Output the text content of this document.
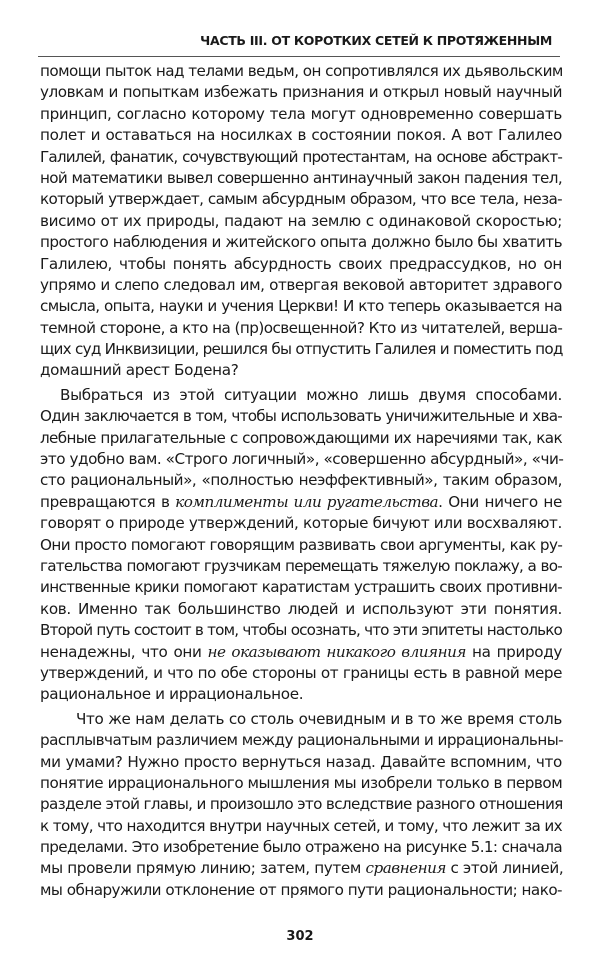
ЧАСТЬ III. ОТ КОРОТКИХ СЕТЕЙ К ПРОТЯЖЕННЫМ
помощи пыток над телами ведьм, он сопротивлялся их дьявольским
уловкам и попыткам избежать признания и открыл новый научный
принцип, согласно которому тела могут одновременно совершать
полет и оставаться на носилках в состоянии покоя. А вот Галилео
Галилей, фанатик, сочувствующий протестантам, на основе абстракт-
ной математики вывел совершенно антинаучный закон падения тел,
который утверждает, самым абсурдным образом, что все тела, неза-
висимо от их природы, падают на землю с одинаковой скоростью;
простого наблюдения и житейского опыта должно было бы хватить
Галилею, чтобы понять абсурдность своих предрассудков, но он
упрямо и слепо следовал им, отвергая вековой авторитет здравого
смысла, опыта, науки и учения Церкви! И кто теперь оказывается на
темной стороне, а кто на (пр)освещенной? Кто из читателей, верша-
щих суд Инквизиции, решился бы отпустить Галилея и поместить под
домашний арест Бодена?
Выбраться из этой ситуации можно лишь двумя способами.
Один заключается в том, чтобы использовать уничижительные и хва-
лебные прилагательные с сопровождающими их наречиями так, как
это удобно вам. «Строго логичный», «совершенно абсурдный», «чи-
сто рациональный», «полностью неэффективный», таким образом,
превращаются в комплименты или ругательства. Они ничего не
говорят о природе утверждений, которые бичуют или восхваляют.
Они просто помогают говорящим развивать свои аргументы, как ру-
гательства помогают грузчикам перемещать тяжелую поклажу, а во-
инственные крики помогают каратистам устрашить своих противни-
ков. Именно так большинство людей и используют эти понятия.
Второй путь состоит в том, чтобы осознать, что эти эпитеты настолько
ненадежны, что они не оказывают никакого влияния на природу
утверждений, и что по обе стороны от границы есть в равной мере
рациональное и иррациональное.
Что же нам делать со столь очевидным и в то же время столь
расплывчатым различием между рациональными и иррациональны-
ми умами? Нужно просто вернуться назад. Давайте вспомним, что
понятие иррационального мышления мы изобрели только в первом
разделе этой главы, и произошло это вследствие разного отношения
к тому, что находится внутри научных сетей, и тому, что лежит за их
пределами. Это изобретение было отражено на рисунке 5.1: сначала
мы провели прямую линию; затем, путем сравнения с этой линией,
мы обнаружили отклонение от прямого пути рациональности; нако-
302
